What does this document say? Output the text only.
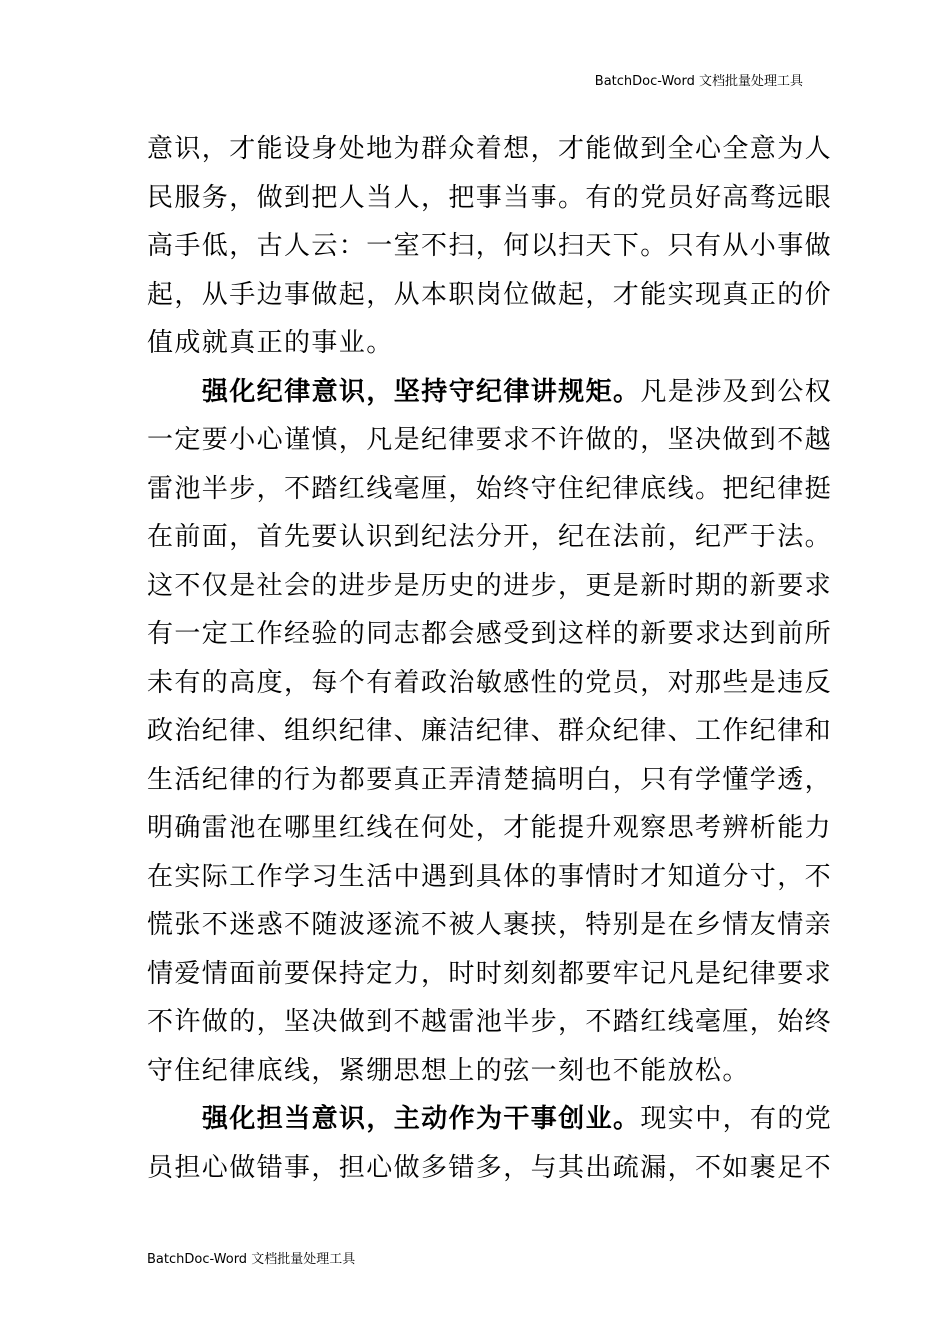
BatchDoc-Word 文档批量处理工具
意识，才能设身处地为群众着想，才能做到全心全意为人
民服务，做到把人当人，把事当事。有的党员好高骛远眼
高手低，古人云：一室不扫，何以扫天下。只有从小事做
起，从手边事做起，从本职岗位做起，才能实现真正的价
值成就真正的事业。
强化纪律意识，坚持守纪律讲规矩。凡是涉及到公权
一定要小心谨慎，凡是纪律要求不许做的，坚决做到不越
雷池半步，不踏红线毫厘，始终守住纪律底线。把纪律挺
在前面，首先要认识到纪法分开，纪在法前，纪严于法。
这不仅是社会的进步是历史的进步，更是新时期的新要求
有一定工作经验的同志都会感受到这样的新要求达到前所
未有的高度，每个有着政治敏感性的党员，对那些是违反
政治纪律、组织纪律、廉洁纪律、群众纪律、工作纪律和
生活纪律的行为都要真正弄清楚搞明白，只有学懂学透，
明确雷池在哪里红线在何处，才能提升观察思考辨析能力
在实际工作学习生活中遇到具体的事情时才知道分寸，不
慌张不迷惑不随波逐流不被人裹挟，特别是在乡情友情亲
情爱情面前要保持定力，时时刻刻都要牢记凡是纪律要求
不许做的，坚决做到不越雷池半步，不踏红线毫厘，始终
守住纪律底线，紧绷思想上的弦一刻也不能放松。
强化担当意识，主动作为干事创业。现实中，有的党
员担心做错事，担心做多错多，与其出疏漏，不如裹足不
BatchDoc-Word 文档批量处理工具
